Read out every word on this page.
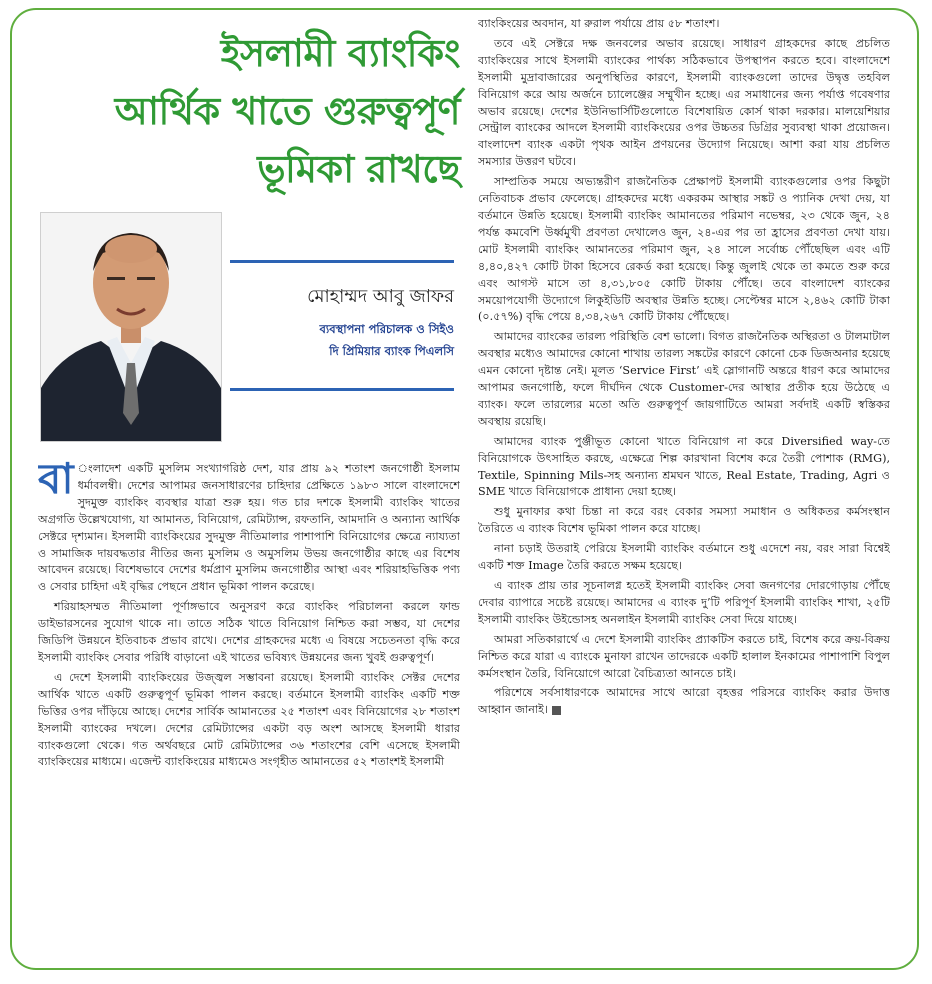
ইসলামী ব্যাংকিং
আর্থিক খাতে গুরুত্বপূর্ণ
ভূমিকা রাখছে
মোহাম্মদ আবু জাফর
ব্যবস্থাপনা পরিচালক ও সিইও
দি প্রিমিয়ার ব্যাংক পিএলসি

বা ংলাদেশ একটি মুসলিম সংখ্যাগরিষ্ঠ দেশ, যার প্রায় ৯২ শতাংশ জনগোষ্ঠী ইসলাম ধর্মাবলম্বী। দেশের আপামর জনসাধারণের চাহিদার প্রেক্ষিতে ১৯৮৩ সালে বাংলাদেশে সুদমুক্ত ব্যাংকিং ব্যবস্থার যাত্রা শুরু হয়। গত চার দশকে ইসলামী ব্যাংকিং খাতের অগ্রগতি উল্লেখযোগ্য, যা আমানত, বিনিয়োগ, রেমিট্যান্স, রফতানি, আমদানি ও অন্যান্য আর্থিক সেক্টরে দৃশ্যমান। ইসলামী ব্যাংকিংয়ের সুদমুক্ত নীতিমালার পাশাপাশি বিনিয়োগের ক্ষেত্রে ন্যায্যতা ও সামাজিক দায়বদ্ধতার নীতির জন্য মুসলিম ও অমুসলিম উভয় জনগোষ্ঠীর কাছে এর বিশেষ আবেদন রয়েছে। বিশেষভাবে দেশের ধর্মপ্রাণ মুসলিম জনগোষ্ঠীর আস্থা এবং শরিয়াহভিত্তিক পণ্য ও সেবার চাহিদা এই বৃদ্ধির পেছনে প্রধান ভূমিকা পালন করেছে।

শরিয়াহসম্মত নীতিমালা পূর্ণাঙ্গভাবে অনুসরণ করে ব্যাংকিং পরিচালনা করলে ফান্ড ডাইভারসনের সুযোগ থাকে না। তাতে সঠিক খাতে বিনিয়োগ নিশ্চিত করা সম্ভব, যা দেশের জিডিপি উন্নয়নে ইতিবাচক প্রভাব রাখে। দেশের গ্রাহকদের মধ্যে এ বিষয়ে সচেতনতা বৃদ্ধি করে ইসলামী ব্যাংকিং সেবার পরিধি বাড়ানো এই খাতের ভবিষ্যৎ উন্নয়নের জন্য খুবই গুরুত্বপূর্ণ।

এ দেশে ইসলামী ব্যাংকিংয়ের উজ্জ্বল সম্ভাবনা রয়েছে। ইসলামী ব্যাংকিং সেক্টর দেশের আর্থিক খাতে একটি গুরুত্বপূর্ণ ভূমিকা পালন করছে। বর্তমানে ইসলামী ব্যাংকিং একটি শক্ত ভিত্তির ওপর দাঁড়িয়ে আছে। দেশের সার্বিক আমানতের ২৫ শতাংশ এবং বিনিয়োগের ২৮ শতাংশ ইসলামী ব্যাংকের দখলে। দেশের রেমিট্যান্সের একটা বড় অংশ আসছে ইসলামী ধারার ব্যাংকগুলো থেকে। গত অর্থবছরে মোট রেমিট্যান্সের ৩৬ শতাংশের বেশি এসেছে ইসলামী ব্যাংকিংয়ের মাধ্যমে। এজেন্ট ব্যাংকিংয়ের মাধ্যমেও সংগৃহীত আমানতের ৫২ শতাংশই ইসলামী

ব্যাংকিংয়ের অবদান, যা রুরাল পর্যায়ে প্রায় ৫৮ শতাংশ।

তবে এই সেক্টরে দক্ষ জনবলের অভাব রয়েছে। সাধারণ গ্রাহকদের কাছে প্রচলিত ব্যাংকিংয়ের সাথে ইসলামী ব্যাংকের পার্থক্য সঠিকভাবে উপস্থাপন করতে হবে। বাংলাদেশে ইসলামী মুদ্রাবাজারের অনুপস্থিতির কারণে, ইসলামী ব্যাংকগুলো তাদের উদ্বৃত্ত তহবিল বিনিয়োগ করে আয় অর্জনে চ্যালেঞ্জের সম্মুখীন হচ্ছে। এর সমাধানের জন্য পর্যাপ্ত গবেষণার অভাব রয়েছে। দেশের ইউনিভার্সিটিগুলোতে বিশেষায়িত কোর্স থাকা দরকার। মালয়েশিয়ার সেন্ট্রাল ব্যাংকের আদলে ইসলামী ব্যাংকিংয়ের ওপর উচ্চতর ডিগ্রির সুব্যবস্থা থাকা প্রয়োজন। বাংলাদেশ ব্যাংক একটা পৃথক আইন প্রণয়নের উদ্যোগ নিয়েছে। আশা করা যায় প্রচলিত সমস্যার উত্তরণ ঘটবে।

সাম্প্রতিক সময়ে অভ্যন্তরীণ রাজনৈতিক প্রেক্ষাপট ইসলামী ব্যাংকগুলোর ওপর কিছুটা নেতিবাচক প্রভাব ফেলেছে। গ্রাহকদের মধ্যে একরকম আস্থার সঙ্কট ও প্যানিক দেখা দেয়, যা বর্তমানে উন্নতি হয়েছে। ইসলামী ব্যাংকিং আমানতের পরিমাণ নভেম্বর, ২৩ থেকে জুন, ২৪ পর্যন্ত কমবেশি উর্ধ্বমুখী প্রবণতা দেখালেও জুন, ২৪-এর পর তা হ্রাসের প্রবণতা দেখা যায়। মোট ইসলামী ব্যাংকিং আমানতের পরিমাণ জুন, ২৪ সালে সর্বোচ্চ পৌঁছেছিল এবং এটি ৪,৪০,৪২৭ কোটি টাকা হিসেবে রেকর্ড করা হয়েছে। কিন্তু জুলাই থেকে তা কমতে শুরু করে এবং আগস্ট মাসে তা ৪,৩১,৮০৫ কোটি টাকায় পৌঁছে। তবে বাংলাদেশ ব্যাংকের সময়োপযোগী উদ্যোগে লিকুইডিটি অবস্থার উন্নতি হচ্ছে। সেপ্টেম্বর মাসে ২,৪৬২ কোটি টাকা (০.৫৭%) বৃদ্ধি পেয়ে ৪,৩৪,২৬৭ কোটি টাকায় পৌঁছেছে।

আমাদের ব্যাংকের তারল্য পরিস্থিতি বেশ ভালো। বিগত রাজনৈতিক অস্থিরতা ও টালমাটাল অবস্থার মধ্যেও আমাদের কোনো শাখায় তারল্য সঙ্কটের কারণে কোনো চেক ডিজঅনার হয়েছে এমন কোনো দৃষ্টান্ত নেই। মূলত ‘Service First’ এই স্লোগানটি অন্তরে ধারণ করে আমাদের আপামর জনগোষ্ঠি, ফলে দীর্ঘদিন থেকে Customer-দের আস্থার প্রতীক হয়ে উঠেছে এ ব্যাংক। ফলে তারল্যের মতো অতি গুরুত্বপূর্ণ জায়গাটিতে আমরা সর্বদাই একটি স্বস্তিকর অবস্থায় রয়েছি।

আমাদের ব্যাংক পুঞ্জীভূত কোনো খাতে বিনিয়োগ না করে Diversified way-তে বিনিয়োগকে উৎসাহিত করছে, এক্ষেত্রে শিল্প কারখানা বিশেষ করে তৈরী পোশাক (RMG), Textile, Spinning Mils-সহ অন্যান্য শ্রমঘন খাতে, Real Estate, Trading, Agri ও SME খাতে বিনিয়োগকে প্রাধান্য দেয়া হচ্ছে।

শুধু মুনাফার কথা চিন্তা না করে বরং বেকার সমস্যা সমাধান ও অধিকতর কর্মসংস্থান তৈরিতে এ ব্যাংক বিশেষ ভূমিকা পালন করে যাচ্ছে।

নানা চড়াই উতরাই পেরিয়ে ইসলামী ব্যাংকিং বর্তমানে শুধু এদেশে নয়, বরং সারা বিশ্বেই একটি শক্ত Image তৈরি করতে সক্ষম হয়েছে।

এ ব্যাংক প্রায় তার সূচনালগ্ন হতেই ইসলামী ব্যাংকিং সেবা জনগণের দোরগোড়ায় পৌঁছে দেবার ব্যাপারে সচেষ্ট রয়েছে। আমাদের এ ব্যাংক দু’টি পরিপূর্ণ ইসলামী ব্যাংকিং শাখা, ২৫টি ইসলামী ব্যাংকিং উইন্ডোসহ অনলাইন ইসলামী ব্যাংকিং সেবা দিয়ে যাচ্ছে।

আমরা সতিকারার্থে এ দেশে ইসলামী ব্যাংকিং প্র্যাকটিস করতে চাই, বিশেষ করে ক্রয়-বিক্রয় নিশ্চিত করে যারা এ ব্যাংকে মুনাফা রাখেন তাদেরকে একটি হালাল ইনকামের পাশাপাশি বিপুল কর্মসংস্থান তৈরি, বিনিয়োগে আরো বৈচিত্র্যতা আনতে চাই।

পরিশেষে সর্বসাধারণকে আমাদের সাথে আরো বৃহত্তর পরিসরে ব্যাংকিং করার উদাত্ত আহ্বান জানাই।
